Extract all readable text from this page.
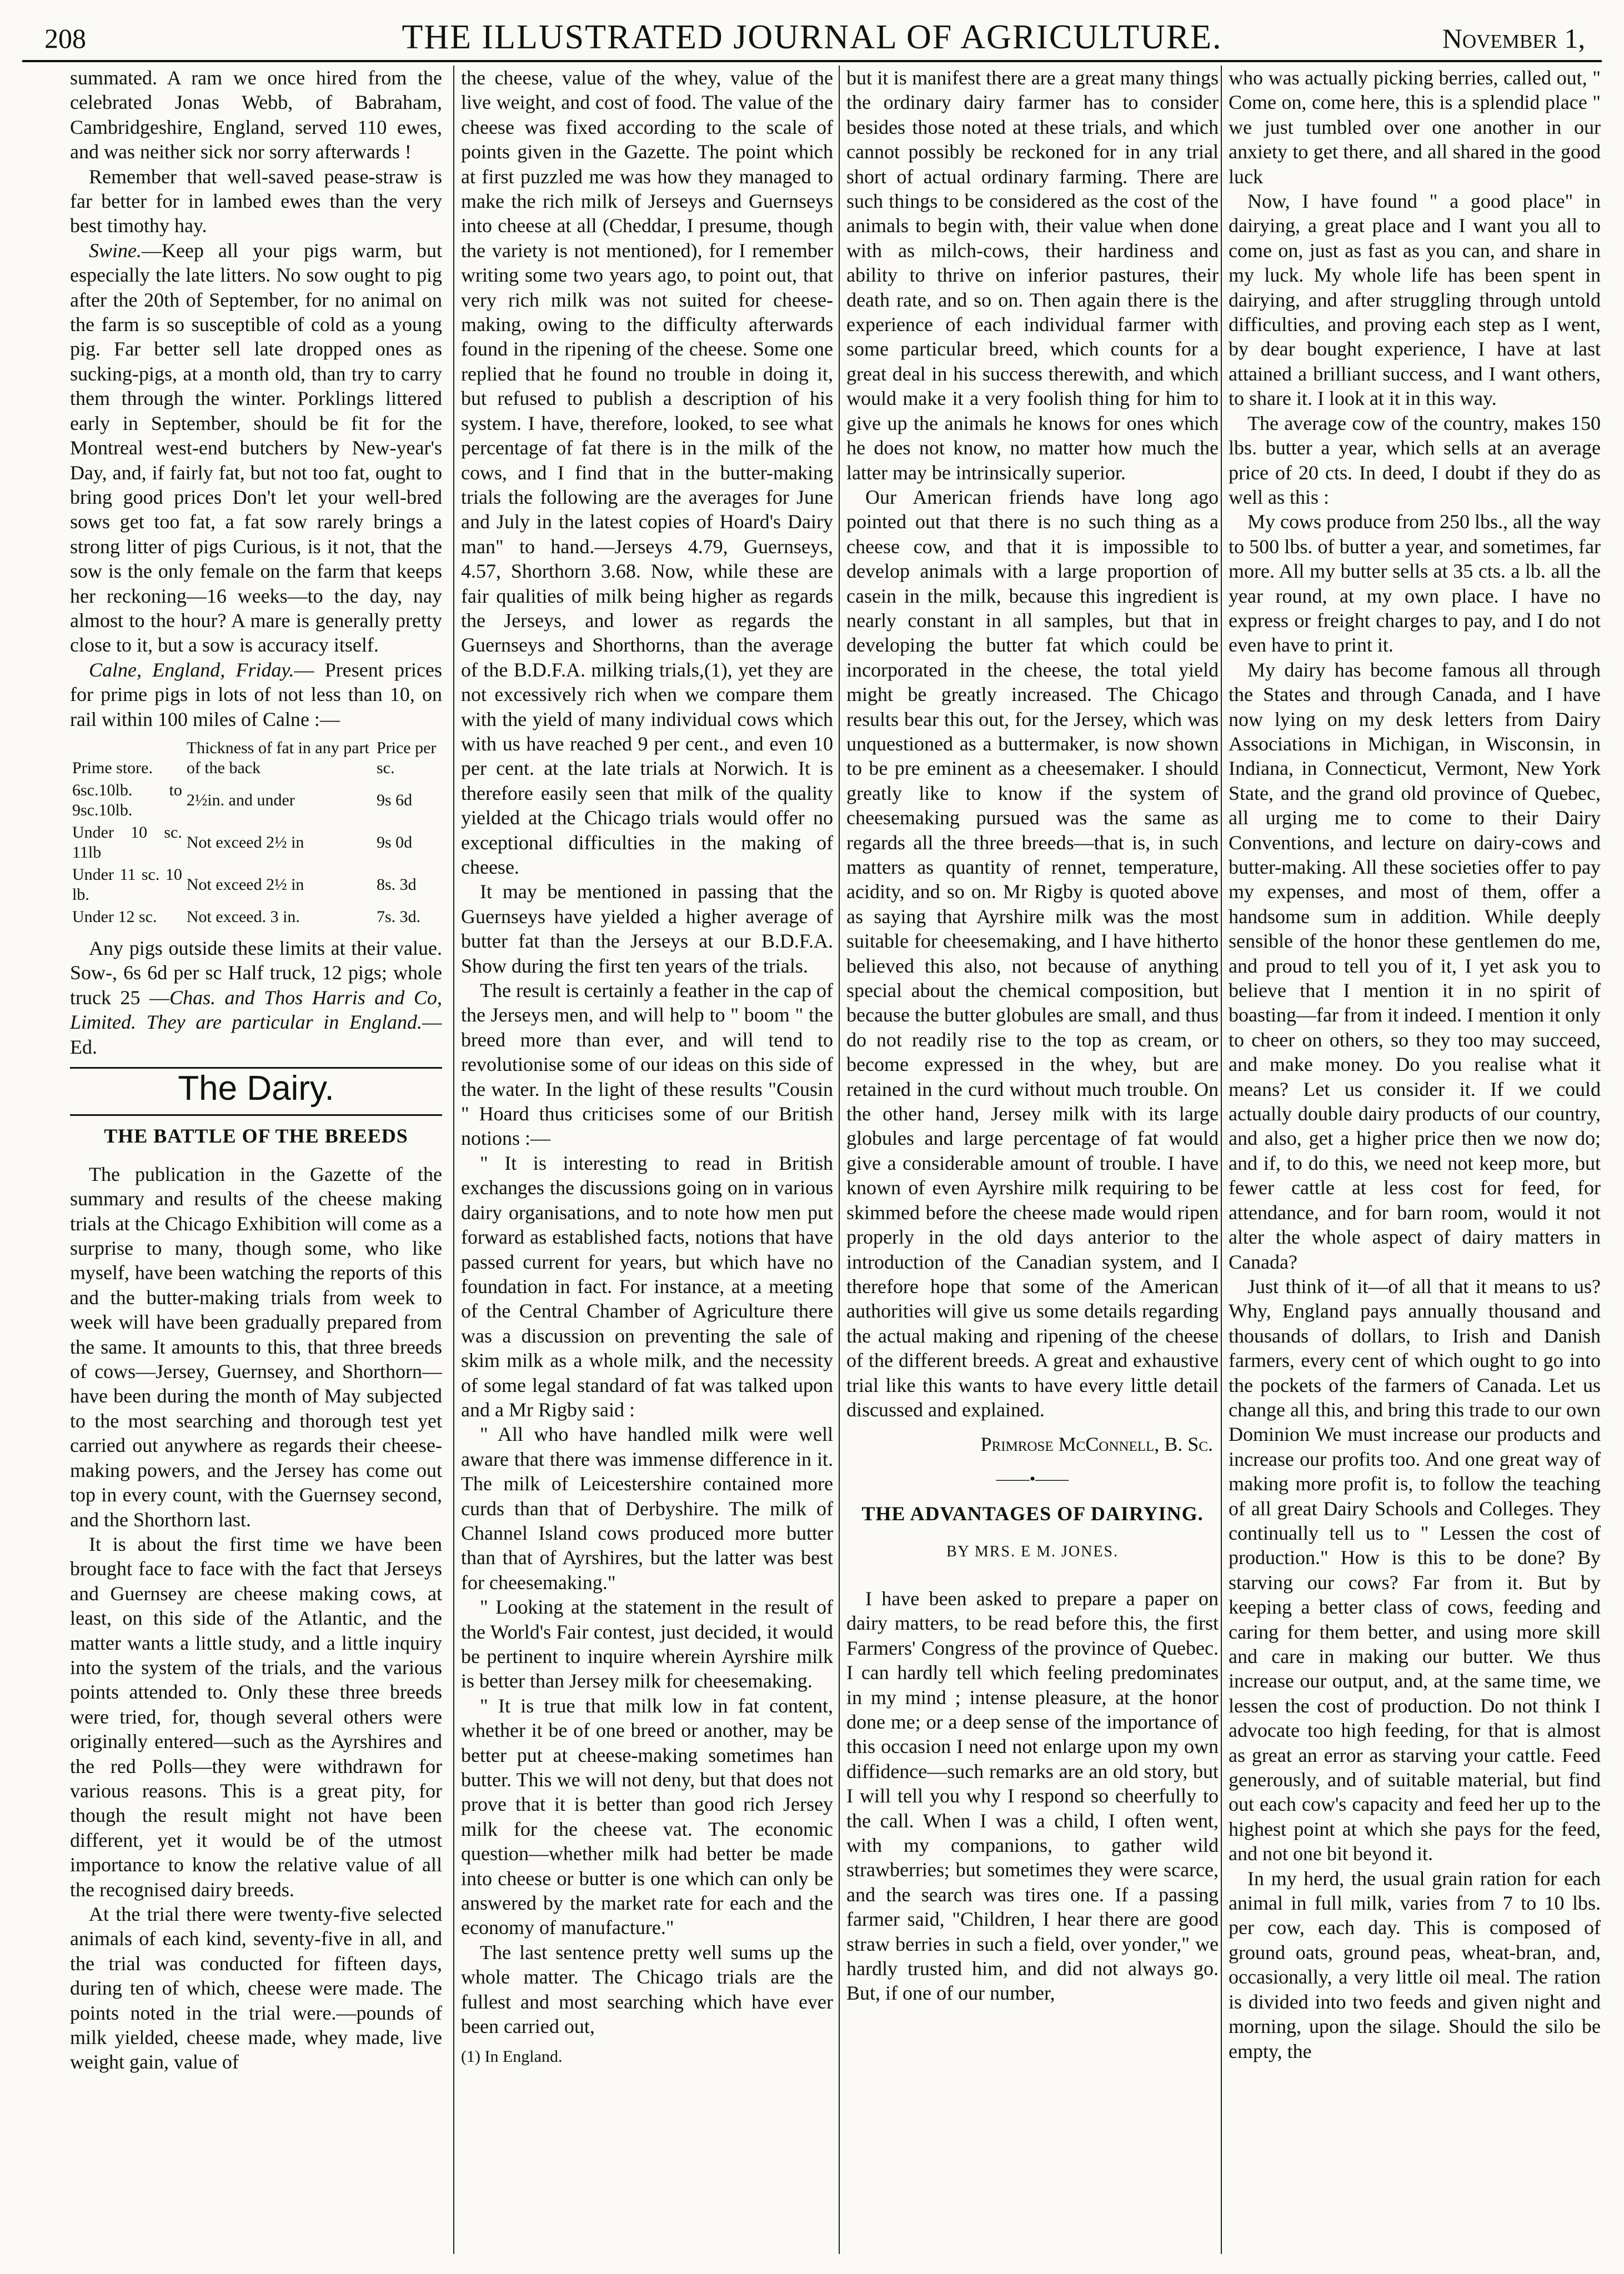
208	THE ILLUSTRATED JOURNAL OF AGRICULTURE.	November 1,

summated. A ram we once hired from the celebrated Jonas Webb, of Babraham, Cambridgeshire, England, served 110 ewes, and was neither sick nor sorry afterwards !

Remember that well-saved pease-straw is far better for in lambed ewes than the very best timothy hay.

Swine.—Keep all your pigs warm, but especially the late litters. No sow ought to pig after the 20th of September, for no animal on the farm is so susceptible of cold as a young pig. Far better sell late dropped ones as sucking-pigs, at a month old, than try to carry them through the winter. Porklings littered early in September, should be fit for the Montreal west-end butchers by New-year's Day, and, if fairly fat, but not too fat, ought to bring good prices Don't let your well-bred sows get too fat, a fat sow rarely brings a strong litter of pigs Curious, is it not, that the sow is the only female on the farm that keeps her reckoning—16 weeks—to the day, nay almost to the hour? A mare is generally pretty close to it, but a sow is accuracy itself.

Calne, England, Friday.— Present prices for prime pigs in lots of not less than 10, on rail within 100 miles of Calne :—

Prime store.	Thickness of fat in any part of the back	Price per sc.
6sc.10lb. to 9sc.10lb.	2½in. and under	9s 6d
Under 10 sc. 11lb	Not exceed 2½ in	9s 0d
Under 11 sc. 10 lb.	Not exceed 2½ in	8s. 3d
Under 12 sc.	Not exceed. 3 in.	7s. 3d.

Any pigs outside these limits at their value. Sow-, 6s 6d per sc Half truck, 12 pigs; whole truck 25 —Chas. and Thos Harris and Co, Limited. They are particular in England.—Ed.

The Dairy.
THE BATTLE OF THE BREEDS

The publication in the Gazette of the summary and results of the cheese making trials at the Chicago Exhibition will come as a surprise to many, though some, who like myself, have been watching the reports of this and the butter-making trials from week to week will have been gradually prepared from the same. It amounts to this, that three breeds of cows—Jersey, Guernsey, and Shorthorn—have been during the month of May subjected to the most searching and thorough test yet carried out anywhere as regards their cheese-making powers, and the Jersey has come out top in every count, with the Guernsey second, and the Shorthorn last.

It is about the first time we have been brought face to face with the fact that Jerseys and Guernsey are cheese making cows, at least, on this side of the Atlantic, and the matter wants a little study, and a little inquiry into the system of the trials, and the various points attended to. Only these three breeds were tried, for, though several others were originally entered—such as the Ayrshires and the red Polls—they were withdrawn for various reasons. This is a great pity, for though the result might not have been different, yet it would be of the utmost importance to know the relative value of all the recognised dairy breeds.

At the trial there were twenty-five selected animals of each kind, seventy-five in all, and the trial was conducted for fifteen days, during ten of which, cheese were made. The points noted in the trial were.—pounds of milk yielded, cheese made, whey made, live weight gain, value of

the cheese, value of the whey, value of the live weight, and cost of food. The value of the cheese was fixed according to the scale of points given in the Gazette. The point which at first puzzled me was how they managed to make the rich milk of Jerseys and Guernseys into cheese at all (Cheddar, I presume, though the variety is not mentioned), for I remember writing some two years ago, to point out, that very rich milk was not suited for cheese-making, owing to the difficulty afterwards found in the ripening of the cheese. Some one replied that he found no trouble in doing it, but refused to publish a description of his system. I have, therefore, looked, to see what percentage of fat there is in the milk of the cows, and I find that in the butter-making trials the following are the averages for June and July in the latest copies of Hoard's Dairy man" to hand.—Jerseys 4.79, Guernseys, 4.57, Shorthorn 3.68. Now, while these are fair qualities of milk being higher as regards the Jerseys, and lower as regards the Guernseys and Shorthorns, than the average of the B.D.F.A. milking trials,(1), yet they are not excessively rich when we compare them with the yield of many individual cows which with us have reached 9 per cent., and even 10 per cent. at the late trials at Norwich. It is therefore easily seen that milk of the quality yielded at the Chicago trials would offer no exceptional difficulties in the making of cheese.

It may be mentioned in passing that the Guernseys have yielded a higher average of butter fat than the Jerseys at our B.D.F.A. Show during the first ten years of the trials.

The result is certainly a feather in the cap of the Jerseys men, and will help to " boom " the breed more than ever, and will tend to revolutionise some of our ideas on this side of the water. In the light of these results "Cousin " Hoard thus criticises some of our British notions :—

" It is interesting to read in British exchanges the discussions going on in various dairy organisations, and to note how men put forward as established facts, notions that have passed current for years, but which have no foundation in fact. For instance, at a meeting of the Central Chamber of Agriculture there was a discussion on preventing the sale of skim milk as a whole milk, and the necessity of some legal standard of fat was talked upon and a Mr Rigby said :

" All who have handled milk were well aware that there was immense difference in it. The milk of Leicestershire contained more curds than that of Derbyshire. The milk of Channel Island cows produced more butter than that of Ayrshires, but the latter was best for cheesemaking."

" Looking at the statement in the result of the World's Fair contest, just decided, it would be pertinent to inquire wherein Ayrshire milk is better than Jersey milk for cheesemaking.

" It is true that milk low in fat content, whether it be of one breed or another, may be better put at cheese-making sometimes han butter. This we will not deny, but that does not prove that it is better than good rich Jersey milk for the cheese vat. The economic question—whether milk had better be made into cheese or butter is one which can only be answered by the market rate for each and the economy of manufacture."

The last sentence pretty well sums up the whole matter. The Chicago trials are the fullest and most searching which have ever been carried out,

(1) In England.

but it is manifest there are a great many things the ordinary dairy farmer has to consider besides those noted at these trials, and which cannot possibly be reckoned for in any trial short of actual ordinary farming. There are such things to be considered as the cost of the animals to begin with, their value when done with as milch-cows, their hardiness and ability to thrive on inferior pastures, their death rate, and so on. Then again there is the experience of each individual farmer with some particular breed, which counts for a great deal in his success therewith, and which would make it a very foolish thing for him to give up the animals he knows for ones which he does not know, no matter how much the latter may be intrinsically superior.

Our American friends have long ago pointed out that there is no such thing as a cheese cow, and that it is impossible to develop animals with a large proportion of casein in the milk, because this ingredient is nearly constant in all samples, but that in developing the butter fat which could be incorporated in the cheese, the total yield might be greatly increased. The Chicago results bear this out, for the Jersey, which was unquestioned as a buttermaker, is now shown to be pre eminent as a cheesemaker. I should greatly like to know if the system of cheesemaking pursued was the same as regards all the three breeds—that is, in such matters as quantity of rennet, temperature, acidity, and so on. Mr Rigby is quoted above as saying that Ayrshire milk was the most suitable for cheesemaking, and I have hitherto believed this also, not because of anything special about the chemical composition, but because the butter globules are small, and thus do not readily rise to the top as cream, or become expressed in the whey, but are retained in the curd without much trouble. On the other hand, Jersey milk with its large globules and large percentage of fat would give a considerable amount of trouble. I have known of even Ayrshire milk requiring to be skimmed before the cheese made would ripen properly in the old days anterior to the introduction of the Canadian system, and I therefore hope that some of the American authorities will give us some details regarding the actual making and ripening of the cheese of the different breeds. A great and exhaustive trial like this wants to have every little detail discussed and explained.

Primrose McConnell, B. Sc.
——•——
THE ADVANTAGES OF DAIRYING.
BY MRS. E M. JONES.

I have been asked to prepare a paper on dairy matters, to be read before this, the first Farmers' Congress of the province of Quebec. I can hardly tell which feeling predominates in my mind ; intense pleasure, at the honor done me; or a deep sense of the importance of this occasion I need not enlarge upon my own diffidence—such remarks are an old story, but I will tell you why I respond so cheerfully to the call. When I was a child, I often went, with my companions, to gather wild strawberries; but sometimes they were scarce, and the search was tires one. If a passing farmer said, "Children, I hear there are good straw berries in such a field, over yonder," we hardly trusted him, and did not always go. But, if one of our number,

who was actually picking berries, called out, " Come on, come here, this is a splendid place " we just tumbled over one another in our anxiety to get there, and all shared in the good luck

Now, I have found " a good place" in dairying, a great place and I want you all to come on, just as fast as you can, and share in my luck. My whole life has been spent in dairying, and after struggling through untold difficulties, and proving each step as I went, by dear bought experience, I have at last attained a brilliant success, and I want others, to share it. I look at it in this way.

The average cow of the country, makes 150 lbs. butter a year, which sells at an average price of 20 cts. In deed, I doubt if they do as well as this :

My cows produce from 250 lbs., all the way to 500 lbs. of butter a year, and sometimes, far more. All my butter sells at 35 cts. a lb. all the year round, at my own place. I have no express or freight charges to pay, and I do not even have to print it.

My dairy has become famous all through the States and through Canada, and I have now lying on my desk letters from Dairy Associations in Michigan, in Wisconsin, in Indiana, in Connecticut, Vermont, New York State, and the grand old province of Quebec, all urging me to come to their Dairy Conventions, and lecture on dairy-cows and butter-making. All these societies offer to pay my expenses, and most of them, offer a handsome sum in addition. While deeply sensible of the honor these gentlemen do me, and proud to tell you of it, I yet ask you to believe that I mention it in no spirit of boasting—far from it indeed. I mention it only to cheer on others, so they too may succeed, and make money. Do you realise what it means? Let us consider it. If we could actually double dairy products of our country, and also, get a higher price then we now do; and if, to do this, we need not keep more, but fewer cattle at less cost for feed, for attendance, and for barn room, would it not alter the whole aspect of dairy matters in Canada?

Just think of it—of all that it means to us? Why, England pays annually thousand and thousands of dollars, to Irish and Danish farmers, every cent of which ought to go into the pockets of the farmers of Canada. Let us change all this, and bring this trade to our own Dominion We must increase our products and increase our profits too. And one great way of making more profit is, to follow the teaching of all great Dairy Schools and Colleges. They continually tell us to " Lessen the cost of production." How is this to be done? By starving our cows? Far from it. But by keeping a better class of cows, feeding and caring for them better, and using more skill and care in making our butter. We thus increase our output, and, at the same time, we lessen the cost of production. Do not think I advocate too high feeding, for that is almost as great an error as starving your cattle. Feed generously, and of suitable material, but find out each cow's capacity and feed her up to the highest point at which she pays for the feed, and not one bit beyond it.

In my herd, the usual grain ration for each animal in full milk, varies from 7 to 10 lbs. per cow, each day. This is composed of ground oats, ground peas, wheat-bran, and, occasionally, a very little oil meal. The ration is divided into two feeds and given night and morning, upon the silage. Should the silo be empty, the
